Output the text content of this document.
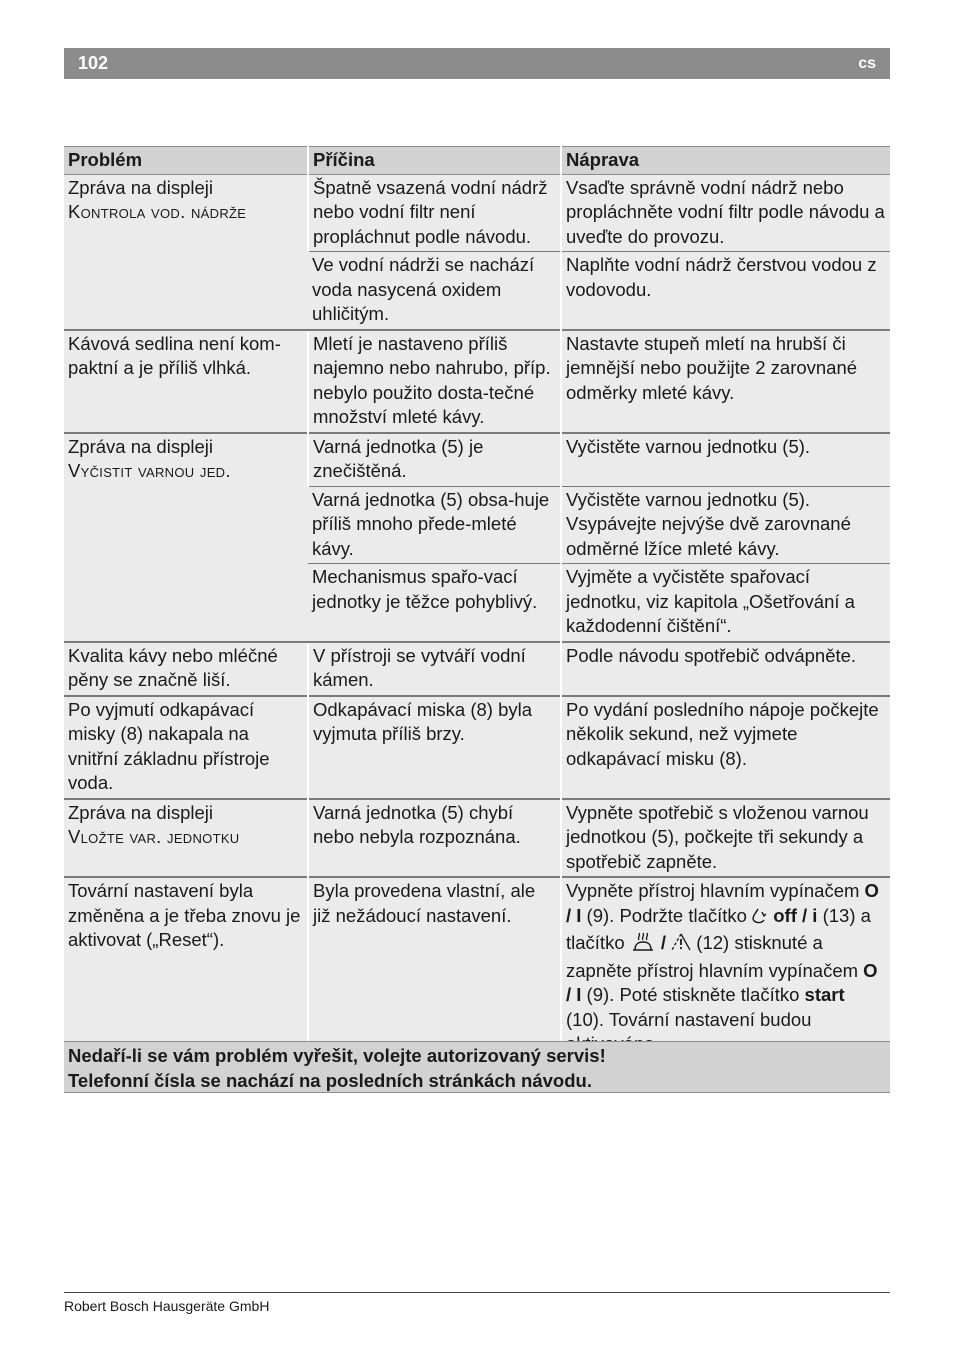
102	cs
Problém	Příčina	Náprava

Zpráva na displeji
Kontrola vod. nádrže	Špatně vsazená vodní nádrž nebo vodní filtr není propláchnut podle návodu.	Vsaďte správně vodní nádrž nebo propláchněte vodní filtr podle návodu a uveďte do provozu.
	Ve vodní nádrži se nachází voda nasycená oxidem uhličitým.	Naplňte vodní nádrž čerstvou vodou z vodovodu.
Kávová sedlina není kom-paktní a je příliš vlhká.	Mletí je nastaveno příliš najemno nebo nahrubo, příp. nebylo použito dosta-tečné množství mleté kávy.	Nastavte stupeň mletí na hrubší či jemnější nebo použijte 2 zarovnané odměrky mleté kávy.

Zpráva na displeji
Vyčistit varnou jed.	Varná jednotka (5) je znečištěná.	Vyčistěte varnou jednotku (5).
	Varná jednotka (5) obsa-huje příliš mnoho přede-mleté kávy.	Vyčistěte varnou jednotku (5). Vsypávejte nejvýše dvě zarovnané odměrné lžíce mleté kávy.
	Mechanismus spařo-vací jednotky je těžce pohyblivý.	Vyjměte a vyčistěte spařovací jednotku, viz kapitola „Ošetřování a každodenní čištění“.
Kvalita kávy nebo mléčné pěny se značně liší.	V přístroji se vytváří vodní kámen.	Podle návodu spotřebič odvápněte.
Po vyjmutí odkapávací misky (8) nakapala na vnitřní základnu přístroje voda.	Odkapávací miska (8) byla vyjmuta příliš brzy.	Po vydání posledního nápoje počkejte několik sekund, než vyjmete odkapávací misku (8).

Zpráva na displeji
Vložte var. jednotku	Varná jednotka (5) chybí nebo nebyla rozpoznána.	Vypněte spotřebič s vloženou varnou jednotkou (5), počkejte tři sekundy a spotřebič zapněte.
Tovární nastavení byla změněna a je třeba znovu je aktivovat („Reset“).	Byla provedena vlastní, ale již nežádoucí nastavení.	Vypněte přístroj hlavním vypínačem O / I (9). Podržte tlačítko  off / i (13) a tlačítko  /  (12) stisknuté a zapněte přístroj hlavním vypínačem O / I (9). Poté stiskněte tlačítko start (10). Tovární nastavení budou
Nedaří-li se vám problém vyřešit, volejte autorizovaný servis!
Telefonní čísla se nachází na posledních stránkách návodu.
Robert Bosch Hausgeräte GmbH
